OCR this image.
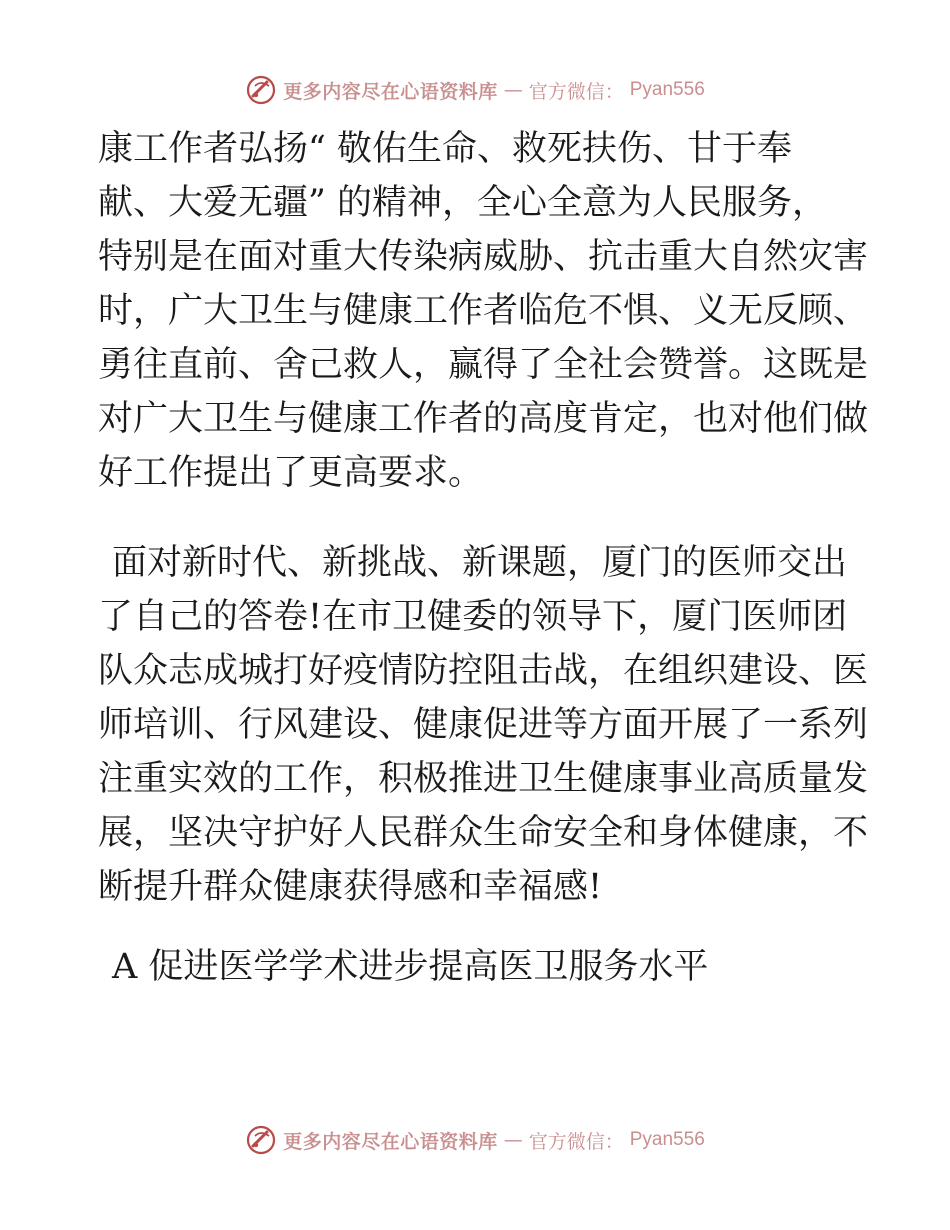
更多内容尽在心语资料库 — 官方微信： Pyan556
康工作者弘扬“ 敬佑生命、救死扶伤、甘于奉
献、大爱无疆” 的精神，全心全意为人民服务，
特别是在面对重大传染病威胁、抗击重大自然灾害
时，广大卫生与健康工作者临危不惧、义无反顾、
勇往直前、舍己救人，赢得了全社会赞誉。这既是
对广大卫生与健康工作者的高度肯定，也对他们做
好工作提出了更高要求。
面对新时代、新挑战、新课题，厦门的医师交出
了自己的答卷!在市卫健委的领导下，厦门医师团
队众志成城打好疫情防控阻击战，在组织建设、医
师培训、行风建设、健康促进等方面开展了一系列
注重实效的工作，积极推进卫生健康事业高质量发
展，坚决守护好人民群众生命安全和身体健康，不
断提升群众健康获得感和幸福感!
A 促进医学学术进步提高医卫服务水平
更多内容尽在心语资料库 — 官方微信： Pyan556
